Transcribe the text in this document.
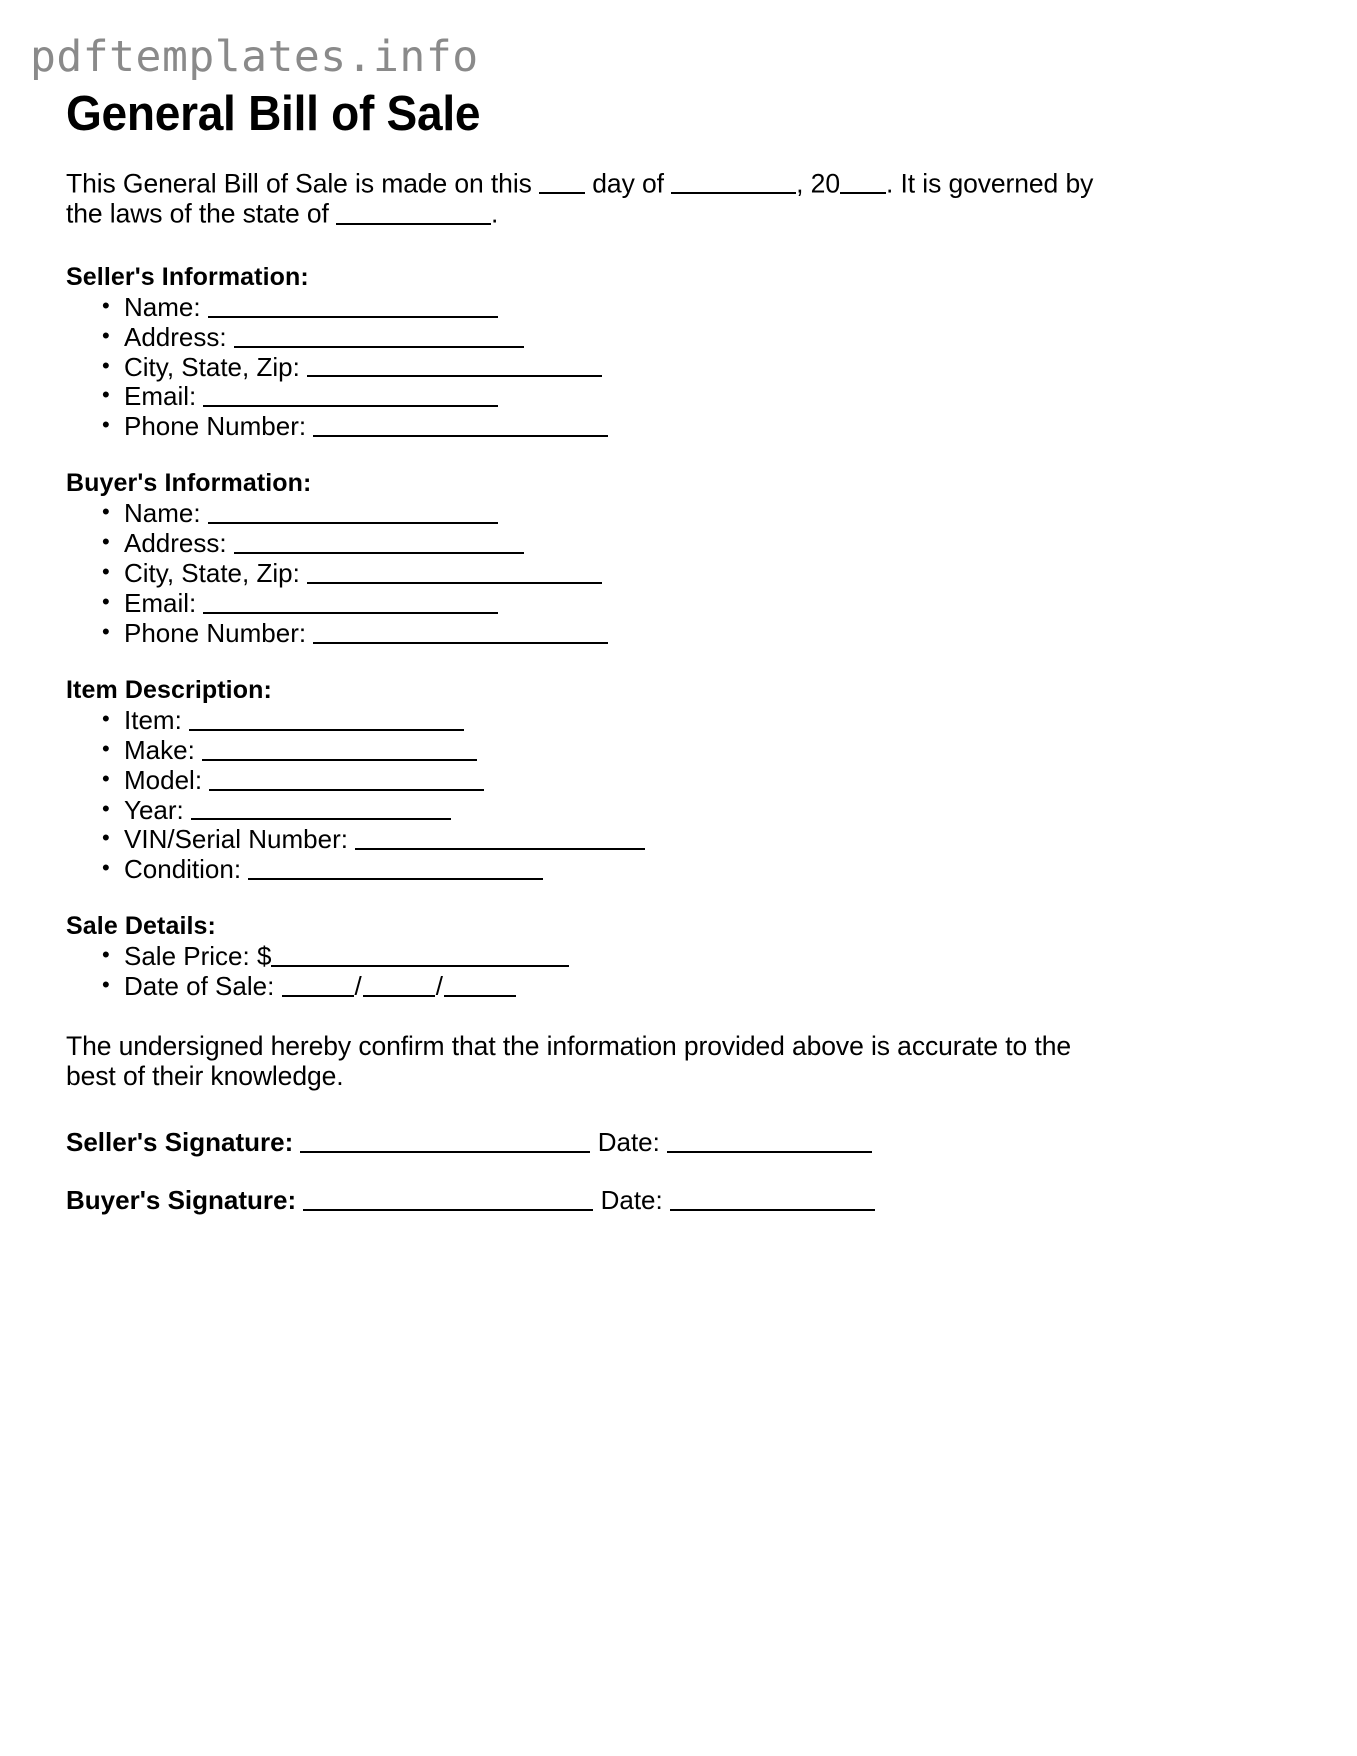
pdftemplates.info
General Bill of Sale

This General Bill of Sale is made on this  day of	, 20 . It is governed by the laws of the state of	.

Seller's Information:
• Name:
• Address:
• City, State, Zip:
• Email:
• Phone Number:
Buyer's Information:
• Name:
• Address:
• City, State, Zip:
• Email:
• Phone Number:
Item Description:
• Item:
• Make:
• Model:
• Year:
• VIN/Serial Number:
• Condition:
Sale Details:
• Sale Price: $
• Date of Sale:	/	/

The undersigned hereby confirm that the information provided above is accurate to the best of their knowledge.

Seller's Signature:	Date:
Buyer's Signature:	Date:
